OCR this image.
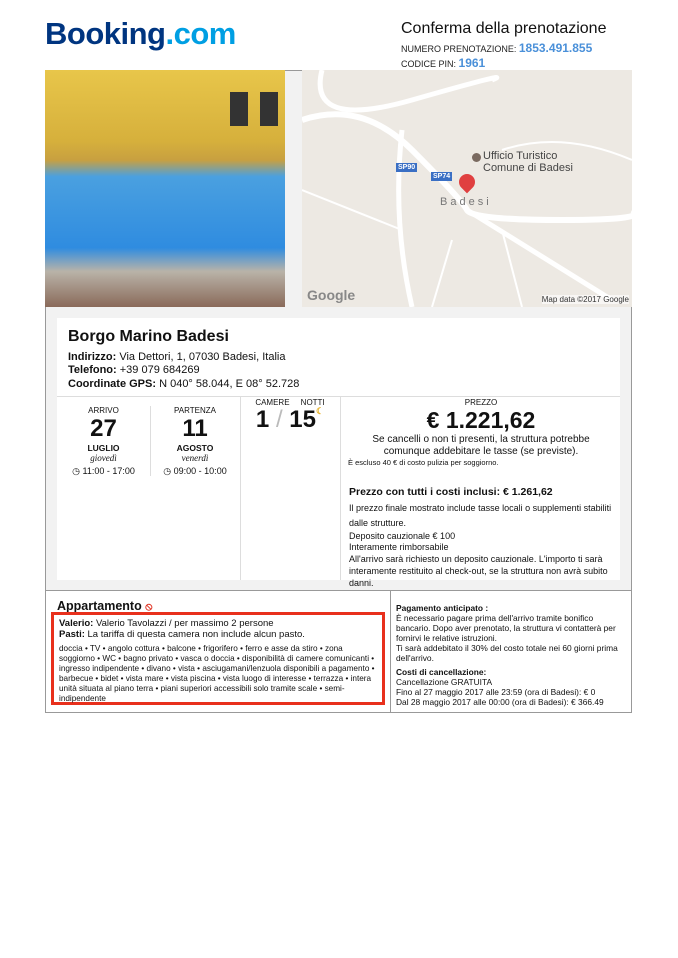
Booking.com	Conferma della prenotazione
NUMERO PRENOTAZIONE: 1853.491.855
CODICE PIN: 1961
SP90
SP74
Ufficio Turistico
Comune di Badesi
Badesi
Google	Map data ©2017 Google
Borgo Marino Badesi
Indirizzo: Via Dettori, 1, 07030 Badesi, Italia
Telefono: +39 079 684269
Coordinate GPS: N 040° 58.044, E 08° 52.728
ARRIVO
27
LUGLIO
giovedì
◷ 11:00 - 17:00
PARTENZA
11
AGOSTO
venerdì
◷ 09:00 - 10:00
CAMERE NOTTI
1 / 15☾
PREZZO
€ 1.221,62
Se cancelli o non ti presenti, la struttura potrebbe comunque addebitare le tasse (se previste).
È escluso 40 € di costo pulizia per soggiorno.
Prezzo con tutti i costi inclusi: € 1.261,62
Il prezzo finale mostrato include tasse locali o supplementi stabiliti dalle strutture.
Deposito cauzionale € 100
Interamente rimborsabile
All'arrivo sarà richiesto un deposito cauzionale. L'importo ti sarà interamente restituito al check-out, se la struttura non avrà subito danni.
Appartamento ⦸	Pagamento anticipato :
È necessario pagare prima dell'arrivo tramite bonifico bancario. Dopo aver prenotato, la struttura vi contatterà per fornirvi le relative istruzioni.
Ti sarà addebitato il 30% del costo totale nei 60 giorni prima dell'arrivo.
Costi di cancellazione:
Cancellazione GRATUITA
Fino al 27 maggio 2017 alle 23:59 (ora di Badesi): € 0
Dal 28 maggio 2017 alle 00:00 (ora di Badesi): € 366.49
Valerio: Valerio Tavolazzi / per massimo 2 persone
Pasti: La tariffa di questa camera non include alcun pasto.
doccia • TV • angolo cottura • balcone • frigorifero • ferro e asse da stiro • zona soggiorno • WC • bagno privato • vasca o doccia • disponibilità di camere comunicanti • ingresso indipendente • divano • vista • asciugamani/lenzuola disponibili a pagamento • barbecue • bidet • vista mare • vista piscina • vista luogo di interesse • terrazza • intera unità situata al piano terra • piani superiori accessibili solo tramite scale • semi-indipendente
